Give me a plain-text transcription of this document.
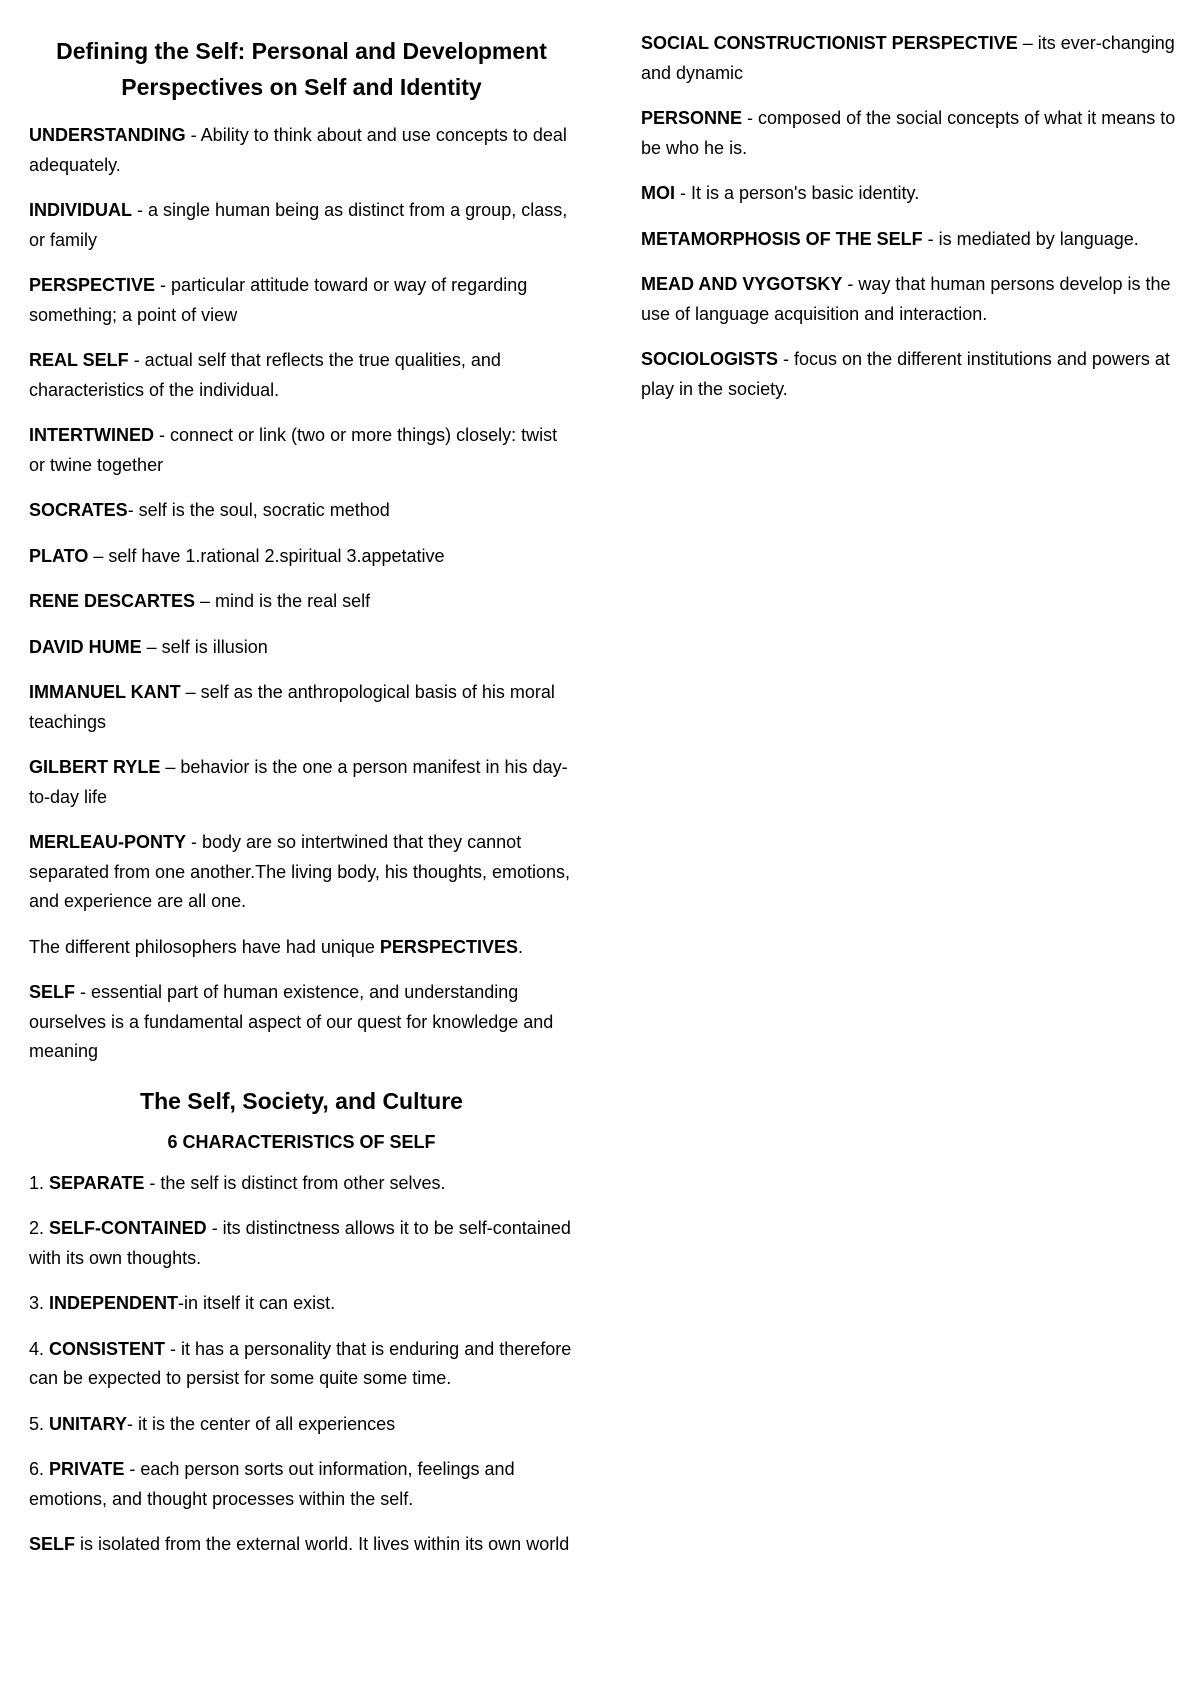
Defining the Self: Personal and Development Perspectives on Self and Identity

UNDERSTANDING - Ability to think about and use concepts to deal adequately.

INDIVIDUAL - a single human being as distinct from a group, class, or family

PERSPECTIVE - particular attitude toward or way of regarding something; a point of view

REAL SELF - actual self that reflects the true qualities, and characteristics of the individual.

INTERTWINED - connect or link (two or more things) closely: twist or twine together

SOCRATES- self is the soul, socratic method

PLATO – self have 1.rational 2.spiritual 3.appetative

RENE DESCARTES – mind is the real self

DAVID HUME – self is illusion

IMMANUEL KANT – self as the anthropological basis of his moral teachings

GILBERT RYLE – behavior is the one a person manifest in his day-to-day life

MERLEAU-PONTY - body are so intertwined that they cannot separated from one another.The living body, his thoughts, emotions, and experience are all one.

The different philosophers have had unique PERSPECTIVES.

SELF - essential part of human existence, and understanding ourselves is a fundamental aspect of our quest for knowledge and meaning

The Self, Society, and Culture
6 CHARACTERISTICS OF SELF

1. SEPARATE - the self is distinct from other selves.

2. SELF-CONTAINED - its distinctness allows it to be self-contained with its own thoughts.

3. INDEPENDENT-in itself it can exist.

4. CONSISTENT - it has a personality that is enduring and therefore can be expected to persist for some quite some time.

5. UNITARY- it is the center of all experiences

6. PRIVATE - each person sorts out information, feelings and emotions, and thought processes within the self.

SELF is isolated from the external world. It lives within its own world

SOCIAL CONSTRUCTIONIST PERSPECTIVE – its ever-changing and dynamic

PERSONNE - composed of the social concepts of what it means to be who he is.

MOI - It is a person's basic identity.

METAMORPHOSIS OF THE SELF - is mediated by language.

MEAD AND VYGOTSKY - way that human persons develop is the use of language acquisition and interaction.

SOCIOLOGISTS - focus on the different institutions and powers at play in the society.
